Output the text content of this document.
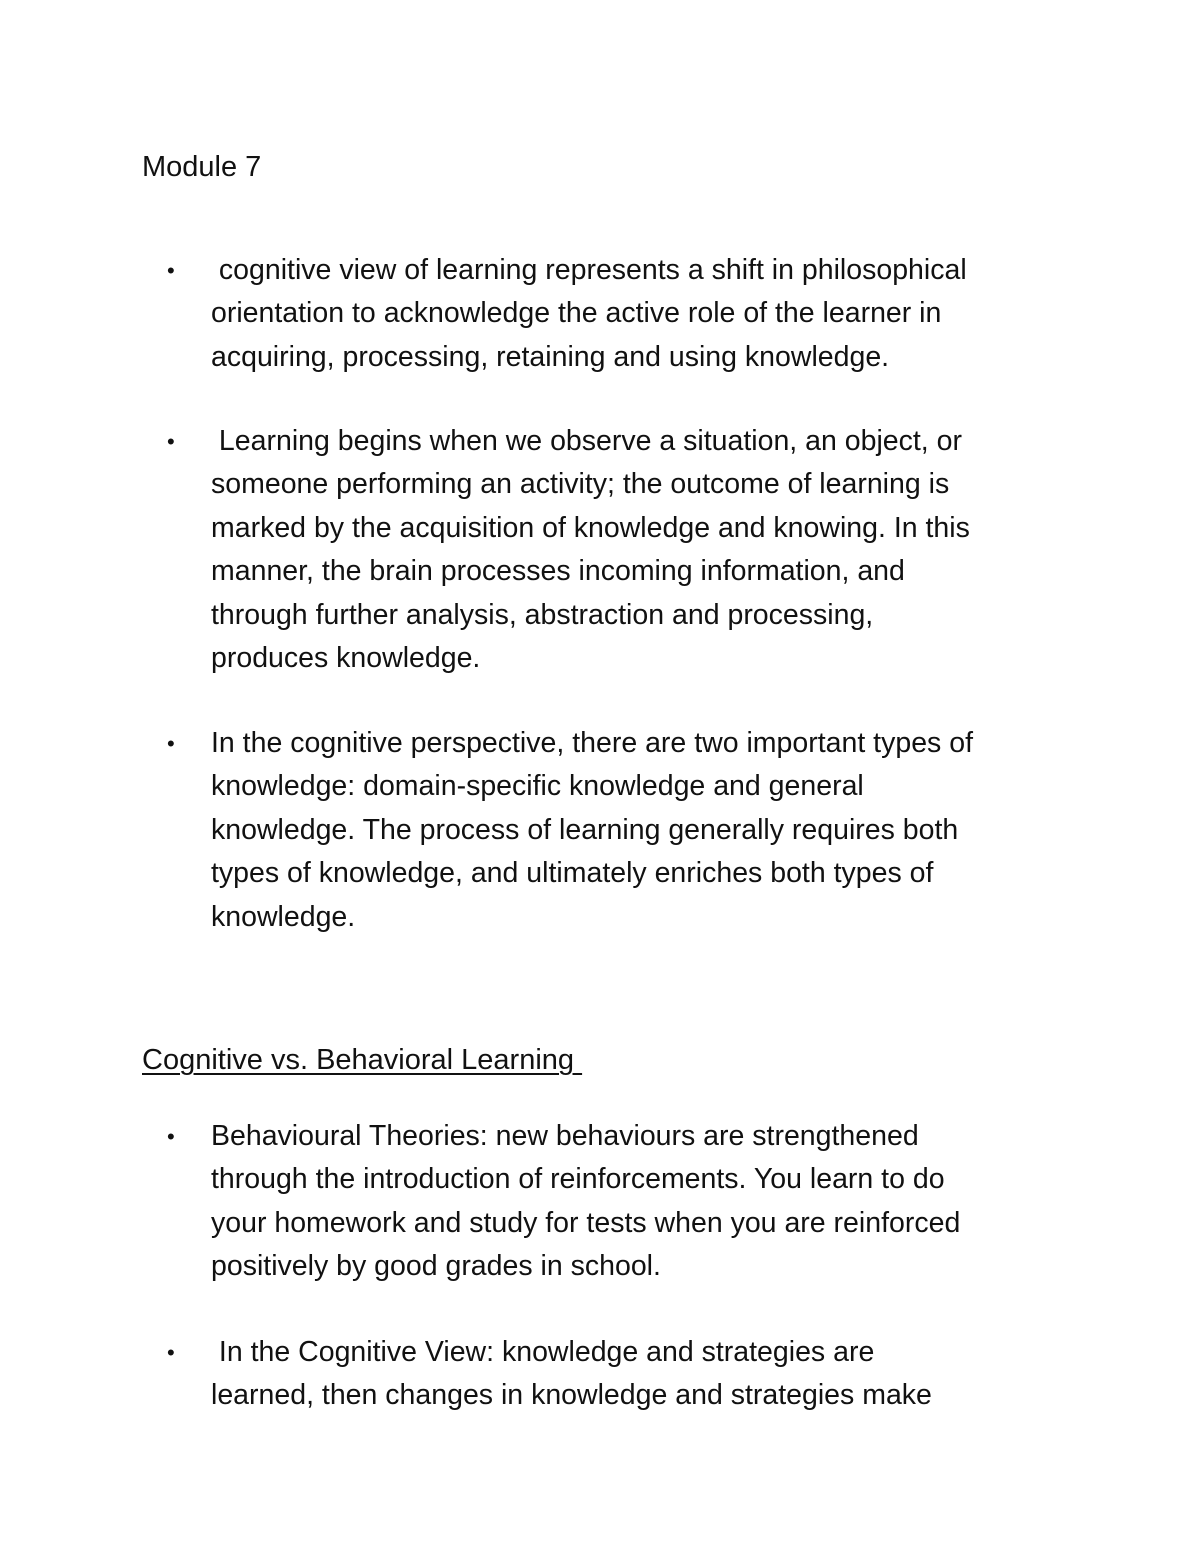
Module 7
• cognitive view of learning represents a shift in philosophical
orientation to acknowledge the active role of the learner in
acquiring, processing, retaining and using knowledge.

• Learning begins when we observe a situation, an object, or
someone performing an activity; the outcome of learning is
marked by the acquisition of knowledge and knowing. In this
manner, the brain processes incoming information, and
through further analysis, abstraction and processing,
produces knowledge.

• In the cognitive perspective, there are two important types of
knowledge: domain-specific knowledge and general
knowledge. The process of learning generally requires both
types of knowledge, and ultimately enriches both types of
knowledge.

Cognitive vs. Behavioral Learning
• Behavioural Theories: new behaviours are strengthened
through the introduction of reinforcements. You learn to do
your homework and study for tests when you are reinforced
positively by good grades in school.

• In the Cognitive View: knowledge and strategies are
learned, then changes in knowledge and strategies make
